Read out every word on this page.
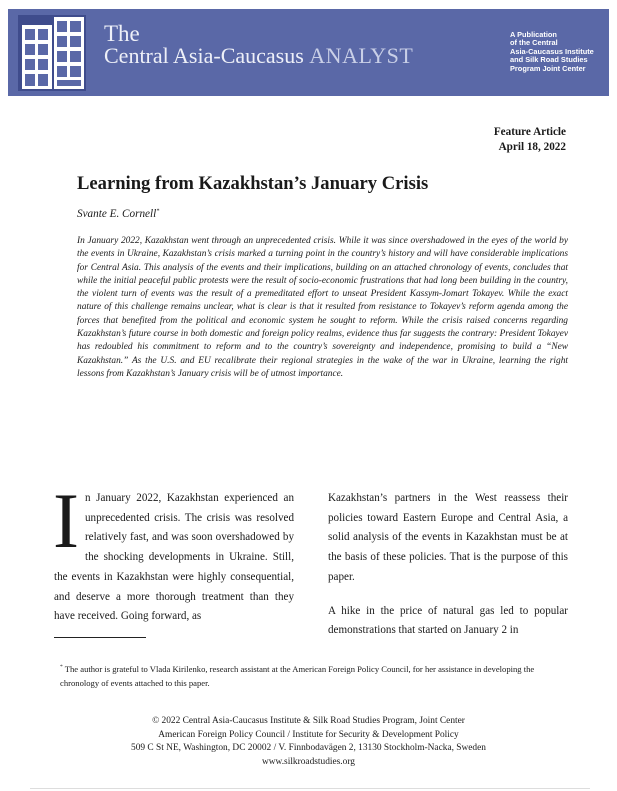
The
Central Asia-Caucasus ANALYST
A Publication
of the Central
Asia-Caucasus Institute
and Silk Road Studies
Program Joint Center
Feature Article
April 18, 2022
Learning from Kazakhstan’s January Crisis
Svante E. Cornell*

In January 2022, Kazakhstan went through an unprecedented crisis. While it was since overshadowed in the eyes of the world by the events in Ukraine, Kazakhstan’s crisis marked a turning point in the country’s history and will have considerable implications for Central Asia. This analysis of the events and their implications, building on an attached chronology of events, concludes that while the initial peaceful public protests were the result of socio-economic frustrations that had long been building in the country, the violent turn of events was the result of a premeditated effort to unseat President Kassym-Jomart Tokayev. While the exact nature of this challenge remains unclear, what is clear is that it resulted from resistance to Tokayev’s reform agenda among the forces that benefited from the political and economic system he sought to reform. While the crisis raised concerns regarding Kazakhstan’s future course in both domestic and foreign policy realms, evidence thus far suggests the contrary: President Tokayev has redoubled his commitment to reform and to the country’s sovereignty and independence, promising to build a “New Kazakhstan.” As the U.S. and EU recalibrate their regional strategies in the wake of the war in Ukraine, learning the right lessons from Kazakhstan’s January crisis will be of utmost importance.

In January 2022, Kazakhstan experienced an unprecedented crisis. The crisis was resolved relatively fast, and was soon overshadowed by the shocking developments in Ukraine. Still, the events in Kazakhstan were highly consequential, and deserve a more thorough treatment than they have received. Going forward, as

Kazakhstan’s partners in the West reassess their policies toward Eastern Europe and Central Asia, a solid analysis of the events in Kazakhstan must be at the basis of these policies. That is the purpose of this paper.

A hike in the price of natural gas led to popular demonstrations that started on January 2 in

* The author is grateful to Vlada Kirilenko, research assistant at the American Foreign Policy Council, for her assistance in developing the chronology of events attached to this paper.

© 2022 Central Asia-Caucasus Institute & Silk Road Studies Program, Joint Center
American Foreign Policy Council / Institute for Security & Development Policy
509 C St NE, Washington, DC 20002 / V. Finnbodavägen 2, 13130 Stockholm-Nacka, Sweden
www.silkroadstudies.org
